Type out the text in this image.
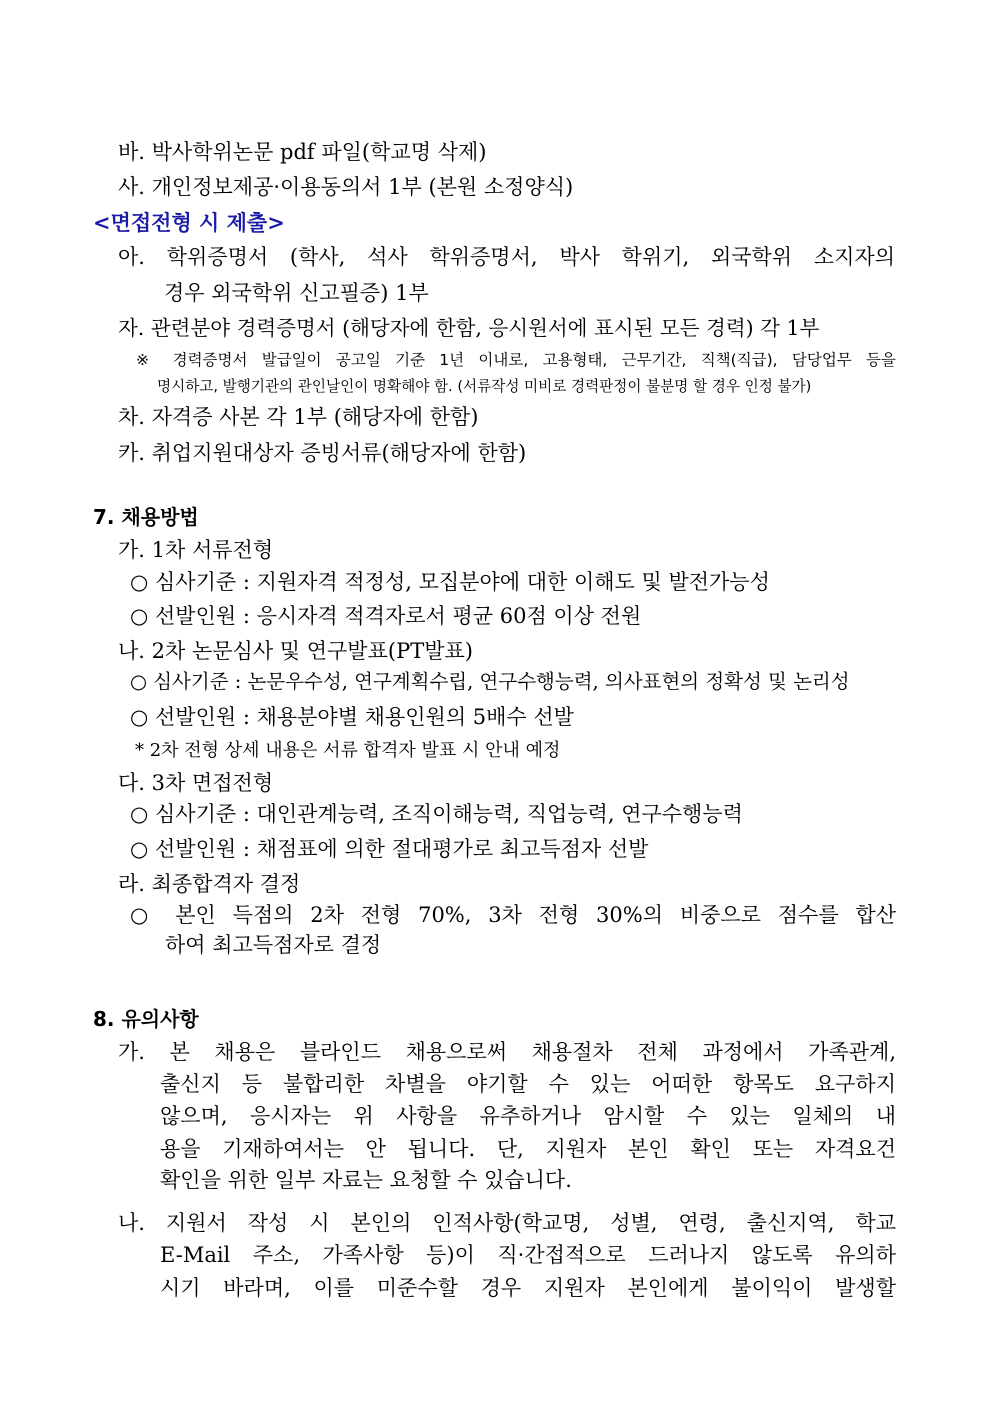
바. 박사학위논문 pdf 파일(학교명 삭제)
사. 개인정보제공·이용동의서 1부 (본원 소정양식)
<면접전형 시 제출>
아. 학위증명서 (학사, 석사 학위증명서, 박사 학위기, 외국학위 소지자의
경우 외국학위 신고필증) 1부
자. 관련분야 경력증명서 (해당자에 한함, 응시원서에 표시된 모든 경력) 각 1부
※ 경력증명서 발급일이 공고일 기준 1년 이내로, 고용형태, 근무기간, 직책(직급), 담당업무 등을
명시하고, 발행기관의 관인날인이 명확해야 함. (서류작성 미비로 경력판정이 불분명 할 경우 인정 불가)
차. 자격증 사본 각 1부 (해당자에 한함)
카. 취업지원대상자 증빙서류(해당자에 한함)
7. 채용방법
가. 1차 서류전형
○ 심사기준 : 지원자격 적정성, 모집분야에 대한 이해도 및 발전가능성
○ 선발인원 : 응시자격 적격자로서 평균 60점 이상 전원
나. 2차 논문심사 및 연구발표(PT발표)
○ 심사기준 : 논문우수성, 연구계획수립, 연구수행능력, 의사표현의 정확성 및 논리성
○ 선발인원 : 채용분야별 채용인원의 5배수 선발
* 2차 전형 상세 내용은 서류 합격자 발표 시 안내 예정
다. 3차 면접전형
○ 심사기준 : 대인관계능력, 조직이해능력, 직업능력, 연구수행능력
○ 선발인원 : 채점표에 의한 절대평가로 최고득점자 선발
라. 최종합격자 결정
○ 본인 득점의 2차 전형 70%, 3차 전형 30%의 비중으로 점수를 합산
하여 최고득점자로 결정
8. 유의사항
가. 본 채용은 블라인드 채용으로써 채용절차 전체 과정에서 가족관계,
출신지 등 불합리한 차별을 야기할 수 있는 어떠한 항목도 요구하지
않으며, 응시자는 위 사항을 유추하거나 암시할 수 있는 일체의 내
용을 기재하여서는 안 됩니다. 단, 지원자 본인 확인 또는 자격요건
확인을 위한 일부 자료는 요청할 수 있습니다.
나. 지원서 작성 시 본인의 인적사항(학교명, 성별, 연령, 출신지역, 학교
E-Mail 주소, 가족사항 등)이 직·간접적으로 드러나지 않도록 유의하
시기 바라며, 이를 미준수할 경우 지원자 본인에게 불이익이 발생할
